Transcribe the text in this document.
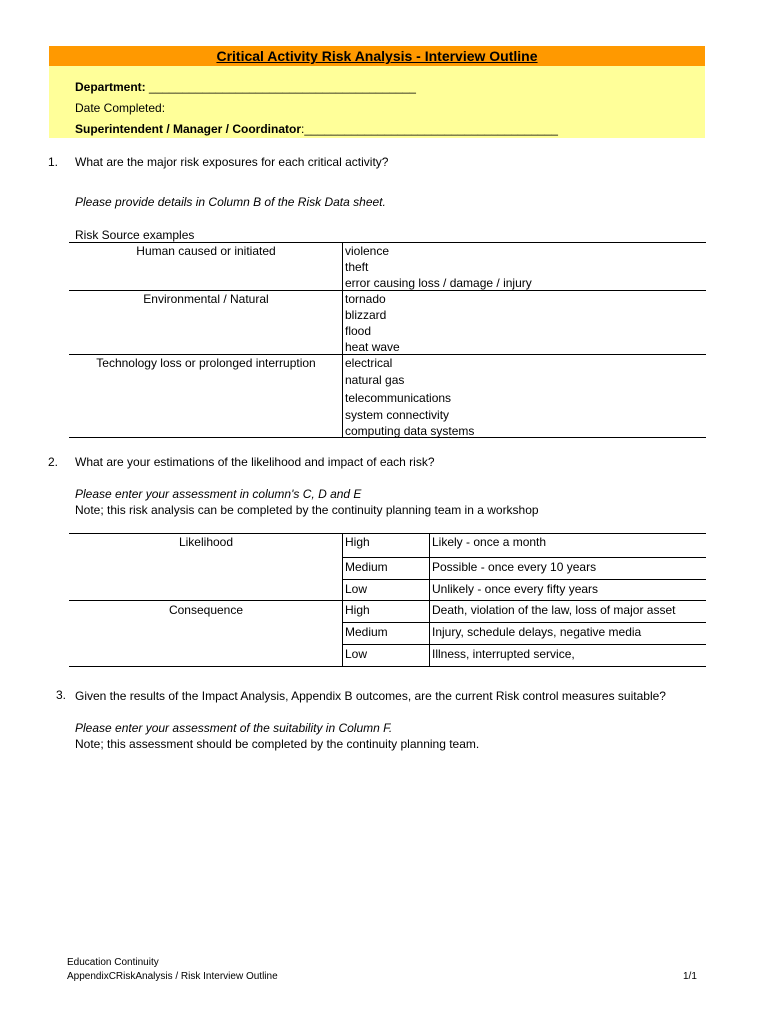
Critical Activity Risk Analysis - Interview Outline
Department: ________________________________________
Date Completed:
Superintendent / Manager / Coordinator:______________________________________
1. What are the major risk exposures for each critical activity?
Please provide details in Column B of the Risk Data sheet.
Risk Source examples
Human caused or initiated	violence
theft
error causing loss / damage / injury
Environmental / Natural	tornado
blizzard
flood
heat wave
Technology loss or prolonged interruption	electrical
natural gas
telecommunications
system connectivity
computing data systems
2. What are your estimations of the likelihood and impact of each risk?
Please enter your assessment in column's C, D and E
Note; this risk analysis can be completed by the continuity planning team in a workshop
Likelihood	High	Likely - once a month
Medium	Possible - once every 10 years
Low	Unlikely - once every fifty years
Consequence	High	Death, violation of the law, loss of major asset
Medium	Injury, schedule delays, negative media
Low	Illness, interrupted service,
3. Given the results of the Impact Analysis, Appendix B outcomes, are the current Risk control measures suitable?
Please enter your assessment of the suitability in Column F.
Note; this assessment should be completed by the continuity planning team.
Education Continuity
AppendixCRiskAnalysis / Risk Interview Outline	1/1
